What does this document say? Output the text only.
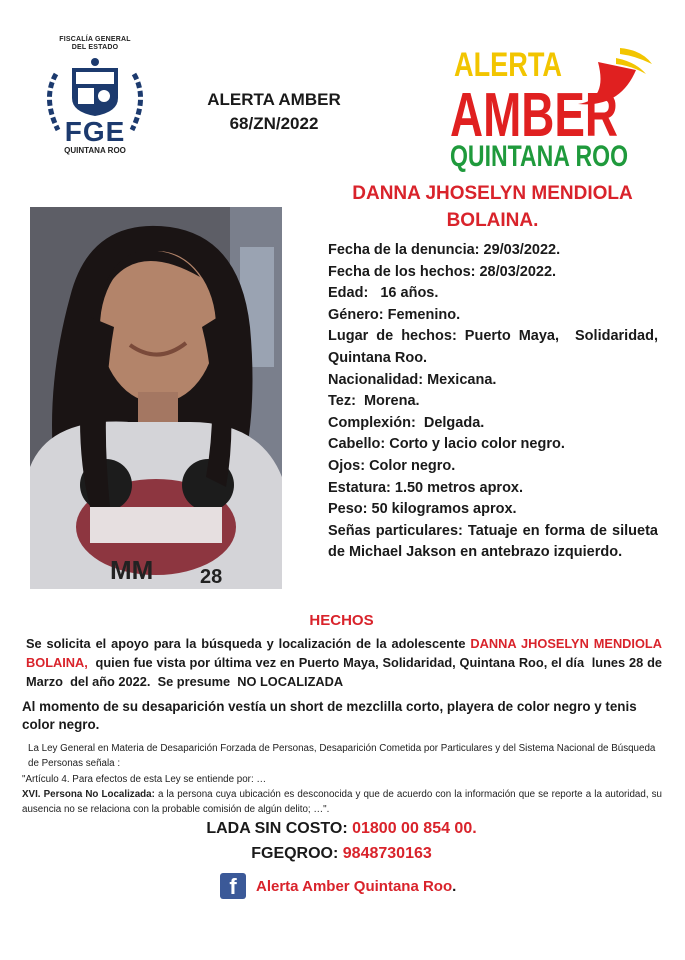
FISCALÍA GENERAL
DEL ESTADO
FGE
QUINTANA ROO
ALERTA AMBER
68/ZN/2022
ALERTA
AMBER
QUINTANA ROO
DANNA JHOSELYN MENDIOLA
BOLAINA.
MM 28
Fecha de la denuncia: 29/03/2022.
Fecha de los hechos: 28/03/2022.
Edad:   16 años.
Género: Femenino.
Lugar de hechos: Puerto Maya,  Solidaridad, Quintana Roo.
Nacionalidad: Mexicana.
Tez:  Morena.
Complexión:  Delgada.
Cabello: Corto y lacio color negro.
Ojos: Color negro.
Estatura: 1.50 metros aprox.
Peso: 50 kilogramos aprox.
Señas particulares: Tatuaje en forma de silueta de Michael Jakson en antebrazo izquierdo.
HECHOS
Se solicita el apoyo para la búsqueda y localización de la adolescente DANNA JHOSELYN MENDIOLA BOLAINA,  quien fue vista por última vez en Puerto Maya, Solidaridad, Quintana Roo, el día  lunes 28 de Marzo  del año 2022.  Se presume  NO LOCALIZADA
Al momento de su desaparición vestía un short de mezclilla corto, playera de color negro y tenis color negro.
La Ley General en Materia de Desaparición Forzada de Personas, Desaparición Cometida por Particulares y del Sistema Nacional de Búsqueda de Personas señala :
"Artículo 4. Para efectos de esta Ley se entiende por: …
XVI. Persona No Localizada: a la persona cuya ubicación es desconocida y que de acuerdo con la información que se reporte a la autoridad, su ausencia no se relaciona con la probable comisión de algún delito; …".
LADA SIN COSTO: 01800 00 854 00.
FGEQROO: 9848730163
f	Alerta Amber Quintana Roo .
